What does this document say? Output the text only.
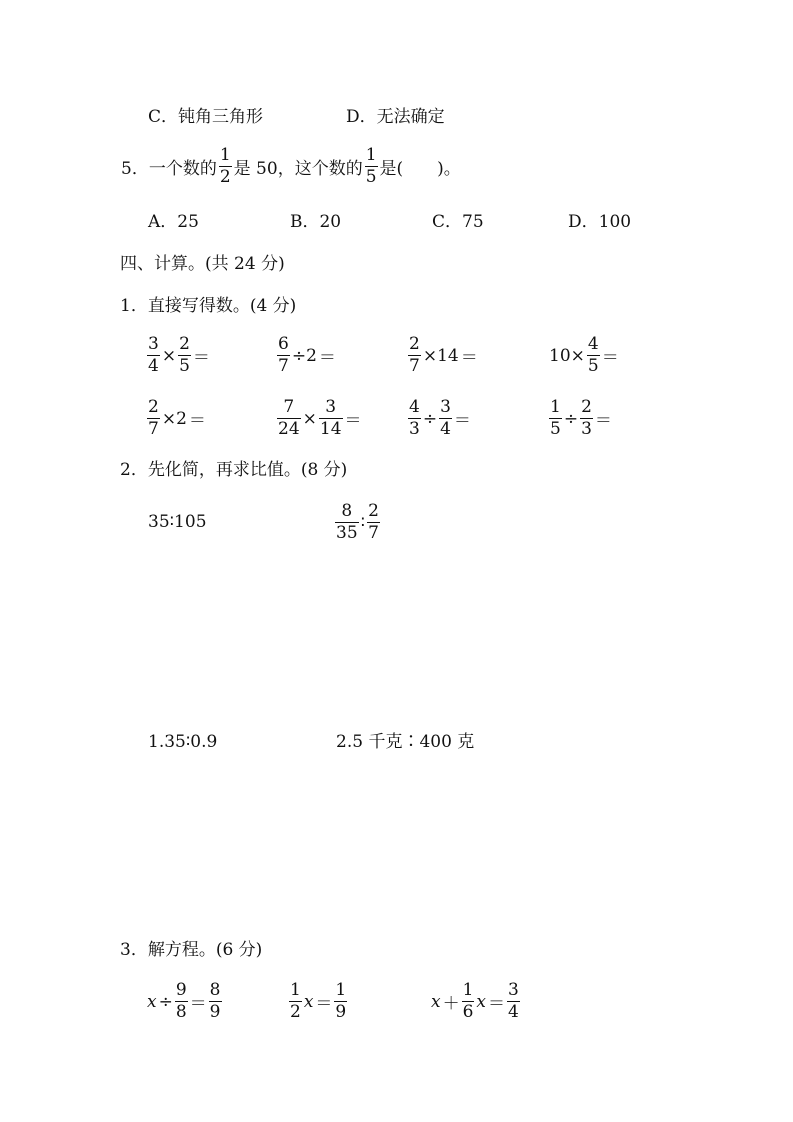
C．钝角三角形	D．无法确定
5．一个数的 $\frac{1}{2}$ 是 50，这个数的 $\frac{1}{5}$ 是(　　)。
A．25	B．20	C．75	D．100
四、计算。(共 24 分)
1．直接写得数。(4 分)
$\frac{3}{4} \times \frac{2}{5}$ ＝	$\frac{6}{7} \div 2$ ＝	$\frac{2}{7} \times 14$ ＝	$10\times \frac{4}{5}$ ＝
$\frac{2}{7} \times 2$ ＝	$\frac{7}{24} \times \frac{3}{14}$ ＝	$\frac{4}{3} \div \frac{3}{4}$ ＝	$\frac{1}{5} \div \frac{2}{3}$ ＝
2．先化简，再求比值。(8 分)
35∶105	$\frac{8}{35}$ ∶ $\frac{2}{7}$
1.35∶0.9	2.5 千克∶400 克
3．解方程。(6 分)
$x \div \frac{9}{8} = \frac{8}{9}$	$\frac{1}{2}$ $x = \frac{1}{9}$	$x + \frac{1}{6}$ $x = \frac{3}{4}$
